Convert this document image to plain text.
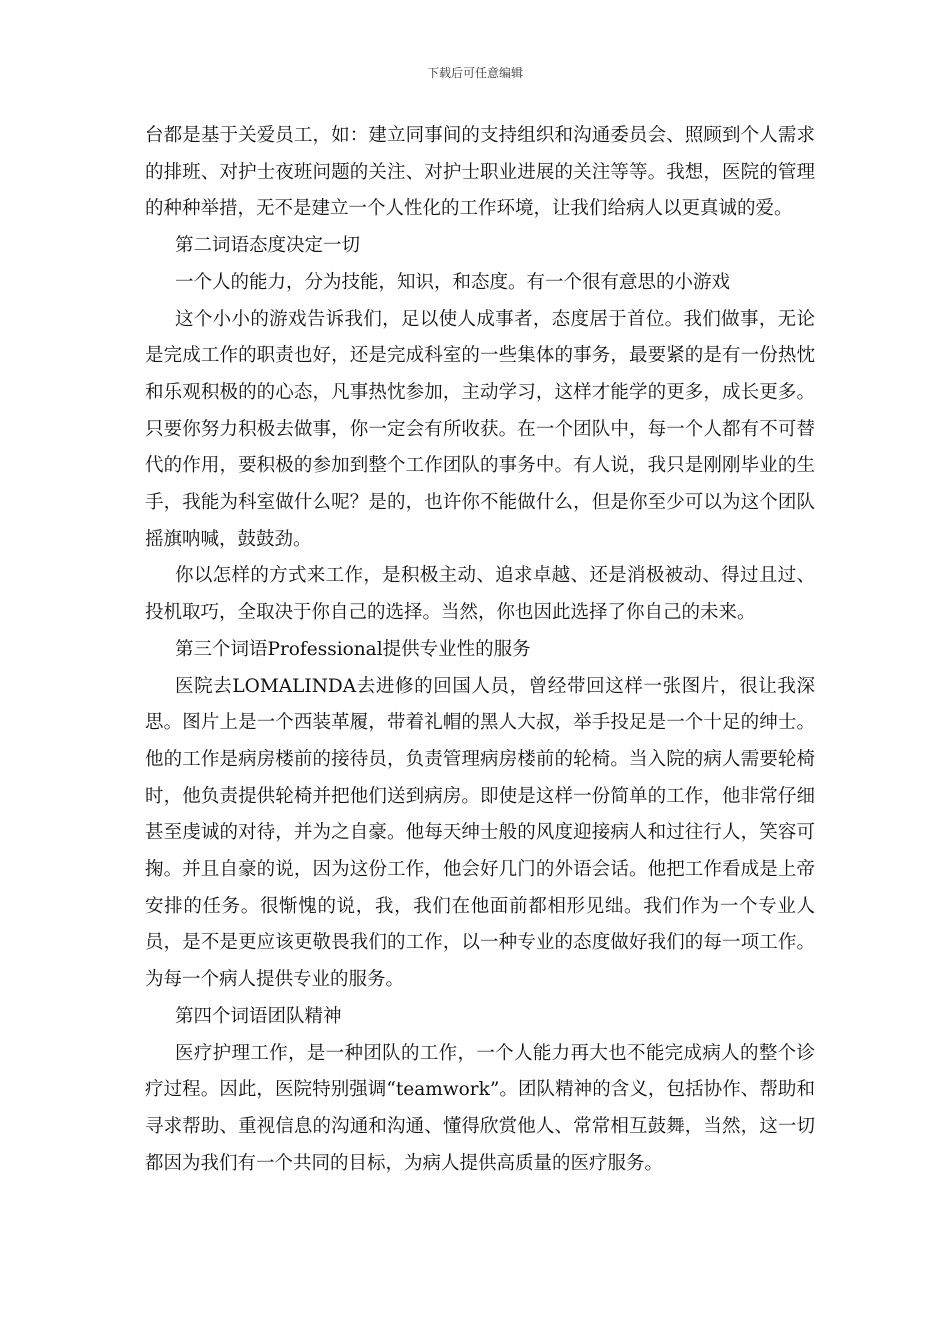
下载后可任意编辑

台都是基于关爱员工，如：建立同事间的支持组织和沟通委员会、照顾到个人需求的排班、对护士夜班问题的关注、对护士职业进展的关注等等。我想，医院的管理的种种举措，无不是建立一个人性化的工作环境，让我们给病人以更真诚的爱。

第二词语态度决定一切

一个人的能力，分为技能，知识，和态度。有一个很有意思的小游戏

这个小小的游戏告诉我们，足以使人成事者，态度居于首位。我们做事，无论是完成工作的职责也好，还是完成科室的一些集体的事务，最要紧的是有一份热忱和乐观积极的的心态，凡事热忱参加，主动学习，这样才能学的更多，成长更多。只要你努力积极去做事，你一定会有所收获。在一个团队中，每一个人都有不可替代的作用，要积极的参加到整个工作团队的事务中。有人说，我只是刚刚毕业的生手，我能为科室做什么呢？是的，也许你不能做什么，但是你至少可以为这个团队摇旗呐喊，鼓鼓劲。

你以怎样的方式来工作，是积极主动、追求卓越、还是消极被动、得过且过、投机取巧，全取决于你自己的选择。当然，你也因此选择了你自己的未来。

第三个词语Professional提供专业性的服务

医院去LOMALINDA去进修的回国人员，曾经带回这样一张图片，很让我深思。图片上是一个西装革履，带着礼帽的黑人大叔，举手投足是一个十足的绅士。他的工作是病房楼前的接待员，负责管理病房楼前的轮椅。当入院的病人需要轮椅时，他负责提供轮椅并把他们送到病房。即使是这样一份简单的工作，他非常仔细甚至虔诚的对待，并为之自豪。他每天绅士般的风度迎接病人和过往行人，笑容可掬。并且自豪的说，因为这份工作，他会好几门的外语会话。他把工作看成是上帝安排的任务。很惭愧的说，我，我们在他面前都相形见绌。我们作为一个专业人员，是不是更应该更敬畏我们的工作，以一种专业的态度做好我们的每一项工作。为每一个病人提供专业的服务。

第四个词语团队精神

医疗护理工作，是一种团队的工作，一个人能力再大也不能完成病人的整个诊疗过程。因此，医院特别强调“teamwork”。团队精神的含义，包括协作、帮助和寻求帮助、重视信息的沟通和沟通、懂得欣赏他人、常常相互鼓舞，当然，这一切都因为我们有一个共同的目标，为病人提供高质量的医疗服务。
